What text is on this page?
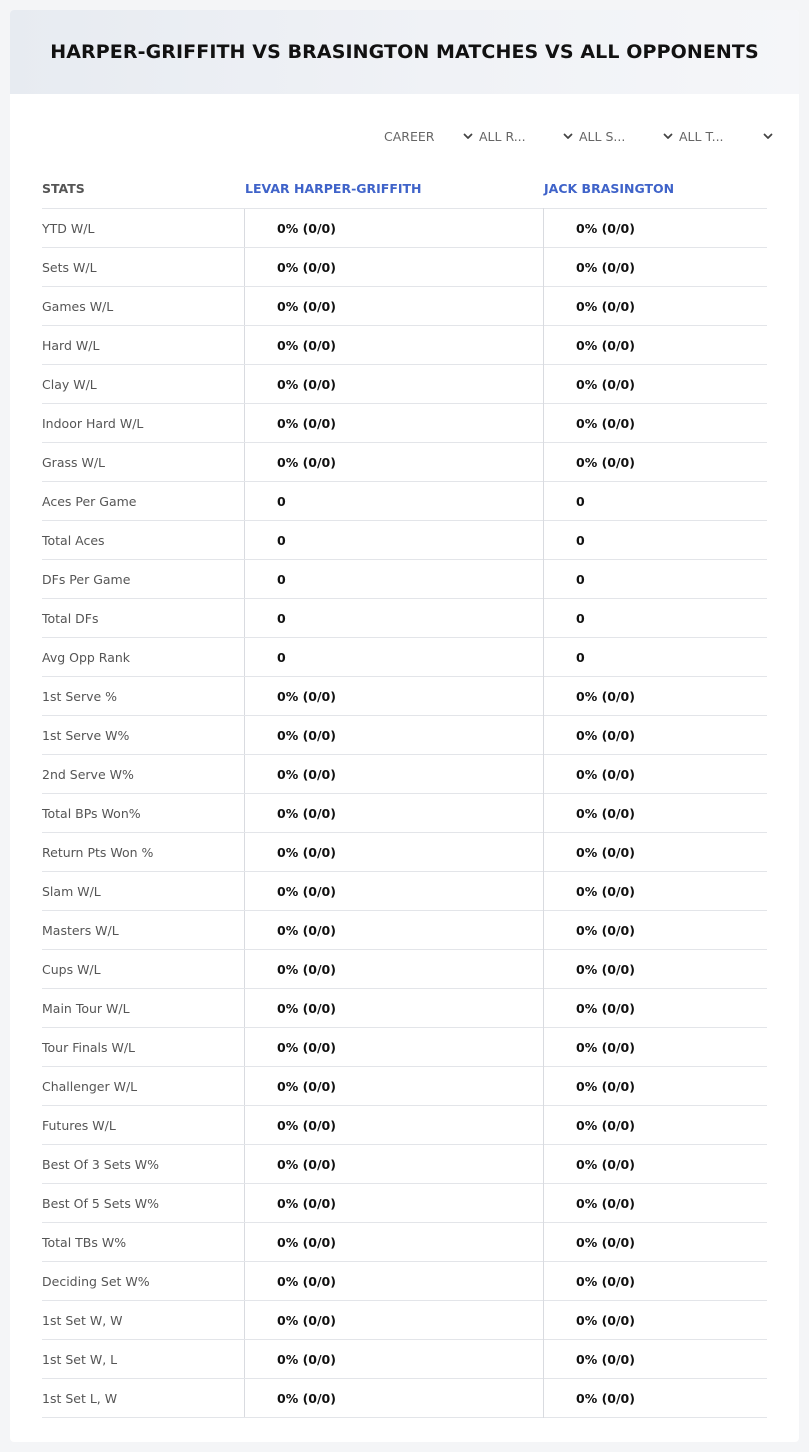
HARPER-GRIFFITH VS BRASINGTON MATCHES VS ALL OPPONENTS
CAREER	ALL R...	ALL S...	ALL T...
STATS	LEVAR HARPER-GRIFFITH	JACK BRASINGTON
YTD W/L	0% (0/0)	0% (0/0)
Sets W/L	0% (0/0)	0% (0/0)
Games W/L	0% (0/0)	0% (0/0)
Hard W/L	0% (0/0)	0% (0/0)
Clay W/L	0% (0/0)	0% (0/0)
Indoor Hard W/L	0% (0/0)	0% (0/0)
Grass W/L	0% (0/0)	0% (0/0)
Aces Per Game	0	0
Total Aces	0	0
DFs Per Game	0	0
Total DFs	0	0
Avg Opp Rank	0	0
1st Serve %	0% (0/0)	0% (0/0)
1st Serve W%	0% (0/0)	0% (0/0)
2nd Serve W%	0% (0/0)	0% (0/0)
Total BPs Won%	0% (0/0)	0% (0/0)
Return Pts Won %	0% (0/0)	0% (0/0)
Slam W/L	0% (0/0)	0% (0/0)
Masters W/L	0% (0/0)	0% (0/0)
Cups W/L	0% (0/0)	0% (0/0)
Main Tour W/L	0% (0/0)	0% (0/0)
Tour Finals W/L	0% (0/0)	0% (0/0)
Challenger W/L	0% (0/0)	0% (0/0)
Futures W/L	0% (0/0)	0% (0/0)
Best Of 3 Sets W%	0% (0/0)	0% (0/0)
Best Of 5 Sets W%	0% (0/0)	0% (0/0)
Total TBs W%	0% (0/0)	0% (0/0)
Deciding Set W%	0% (0/0)	0% (0/0)
1st Set W, W	0% (0/0)	0% (0/0)
1st Set W, L	0% (0/0)	0% (0/0)
1st Set L, W	0% (0/0)	0% (0/0)
